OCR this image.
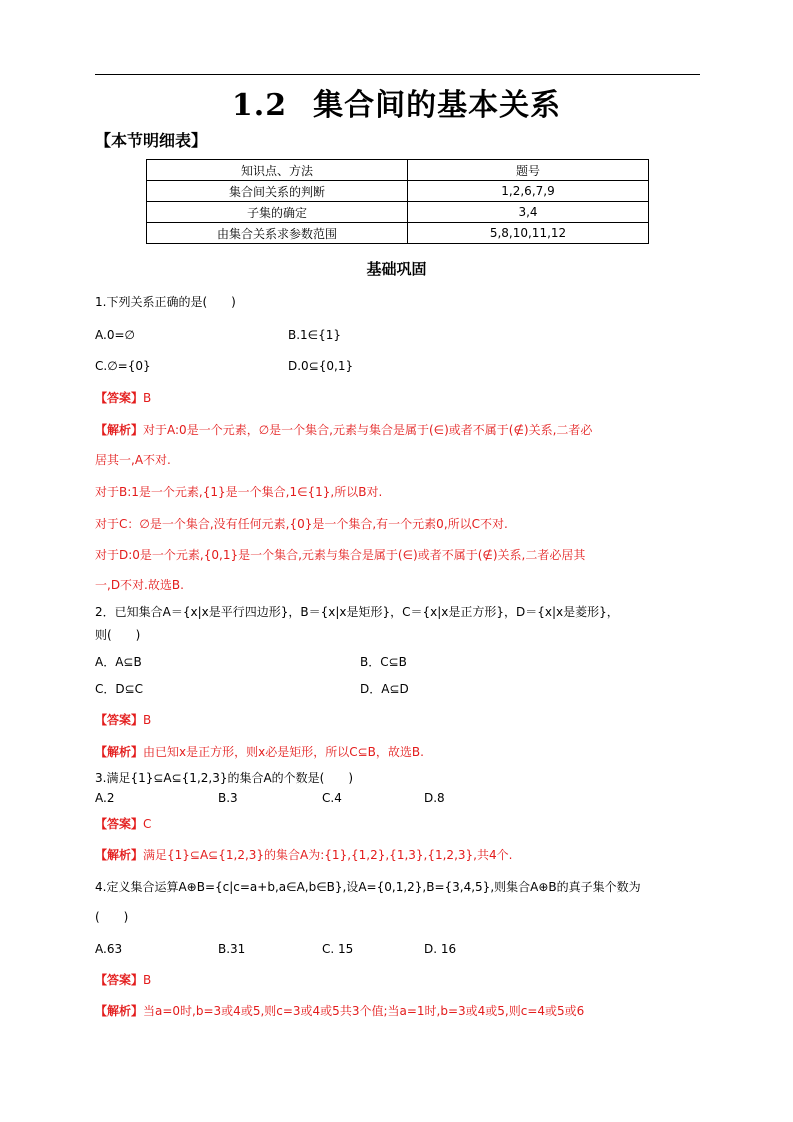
1.2 集合间的基本关系
【本节明细表】
知识点、方法	题号
集合间关系的判断	1,2,6,7,9
子集的确定	3,4
由集合关系求参数范围	5,8,10,11,12
基础巩固
1.下列关系正确的是(　　)
A.0=∅	B.1∈{1}
C.∅={0}	D.0⊆{0,1}
【答案】B
【解析】对于A:0是一个元素，∅是一个集合,元素与集合是属于(∈)或者不属于(∉)关系,二者必
居其一,A不对.
对于B:1是一个元素,{1}是一个集合,1∈{1},所以B对.
对于C：∅是一个集合,没有任何元素,{0}是一个集合,有一个元素0,所以C不对.
对于D:0是一个元素,{0,1}是一个集合,元素与集合是属于(∈)或者不属于(∉)关系,二者必居其
一,D不对.故选B.
2．已知集合A＝{x|x是平行四边形}，B＝{x|x是矩形}，C＝{x|x是正方形}，D＝{x|x是菱形}，
则(　　)
A．A⊆B	B．C⊆B
C．D⊆C	D．A⊆D
【答案】B
【解析】由已知x是正方形，则x必是矩形，所以C⊆B，故选B.
3.满足{1}⊆A⊆{1,2,3}的集合A的个数是(　　)
A.2	B.3	C.4	D.8
【答案】C
【解析】满足{1}⊆A⊆{1,2,3}的集合A为:{1},{1,2},{1,3},{1,2,3},共4个.
4.定义集合运算A⊕B={c|c=a+b,a∈A,b∈B},设A={0,1,2},B={3,4,5},则集合A⊕B的真子集个数为
(　　)
A.63	B.31	C. 15	D. 16
【答案】B
【解析】当a=0时,b=3或4或5,则c=3或4或5共3个值;当a=1时,b=3或4或5,则c=4或5或6
